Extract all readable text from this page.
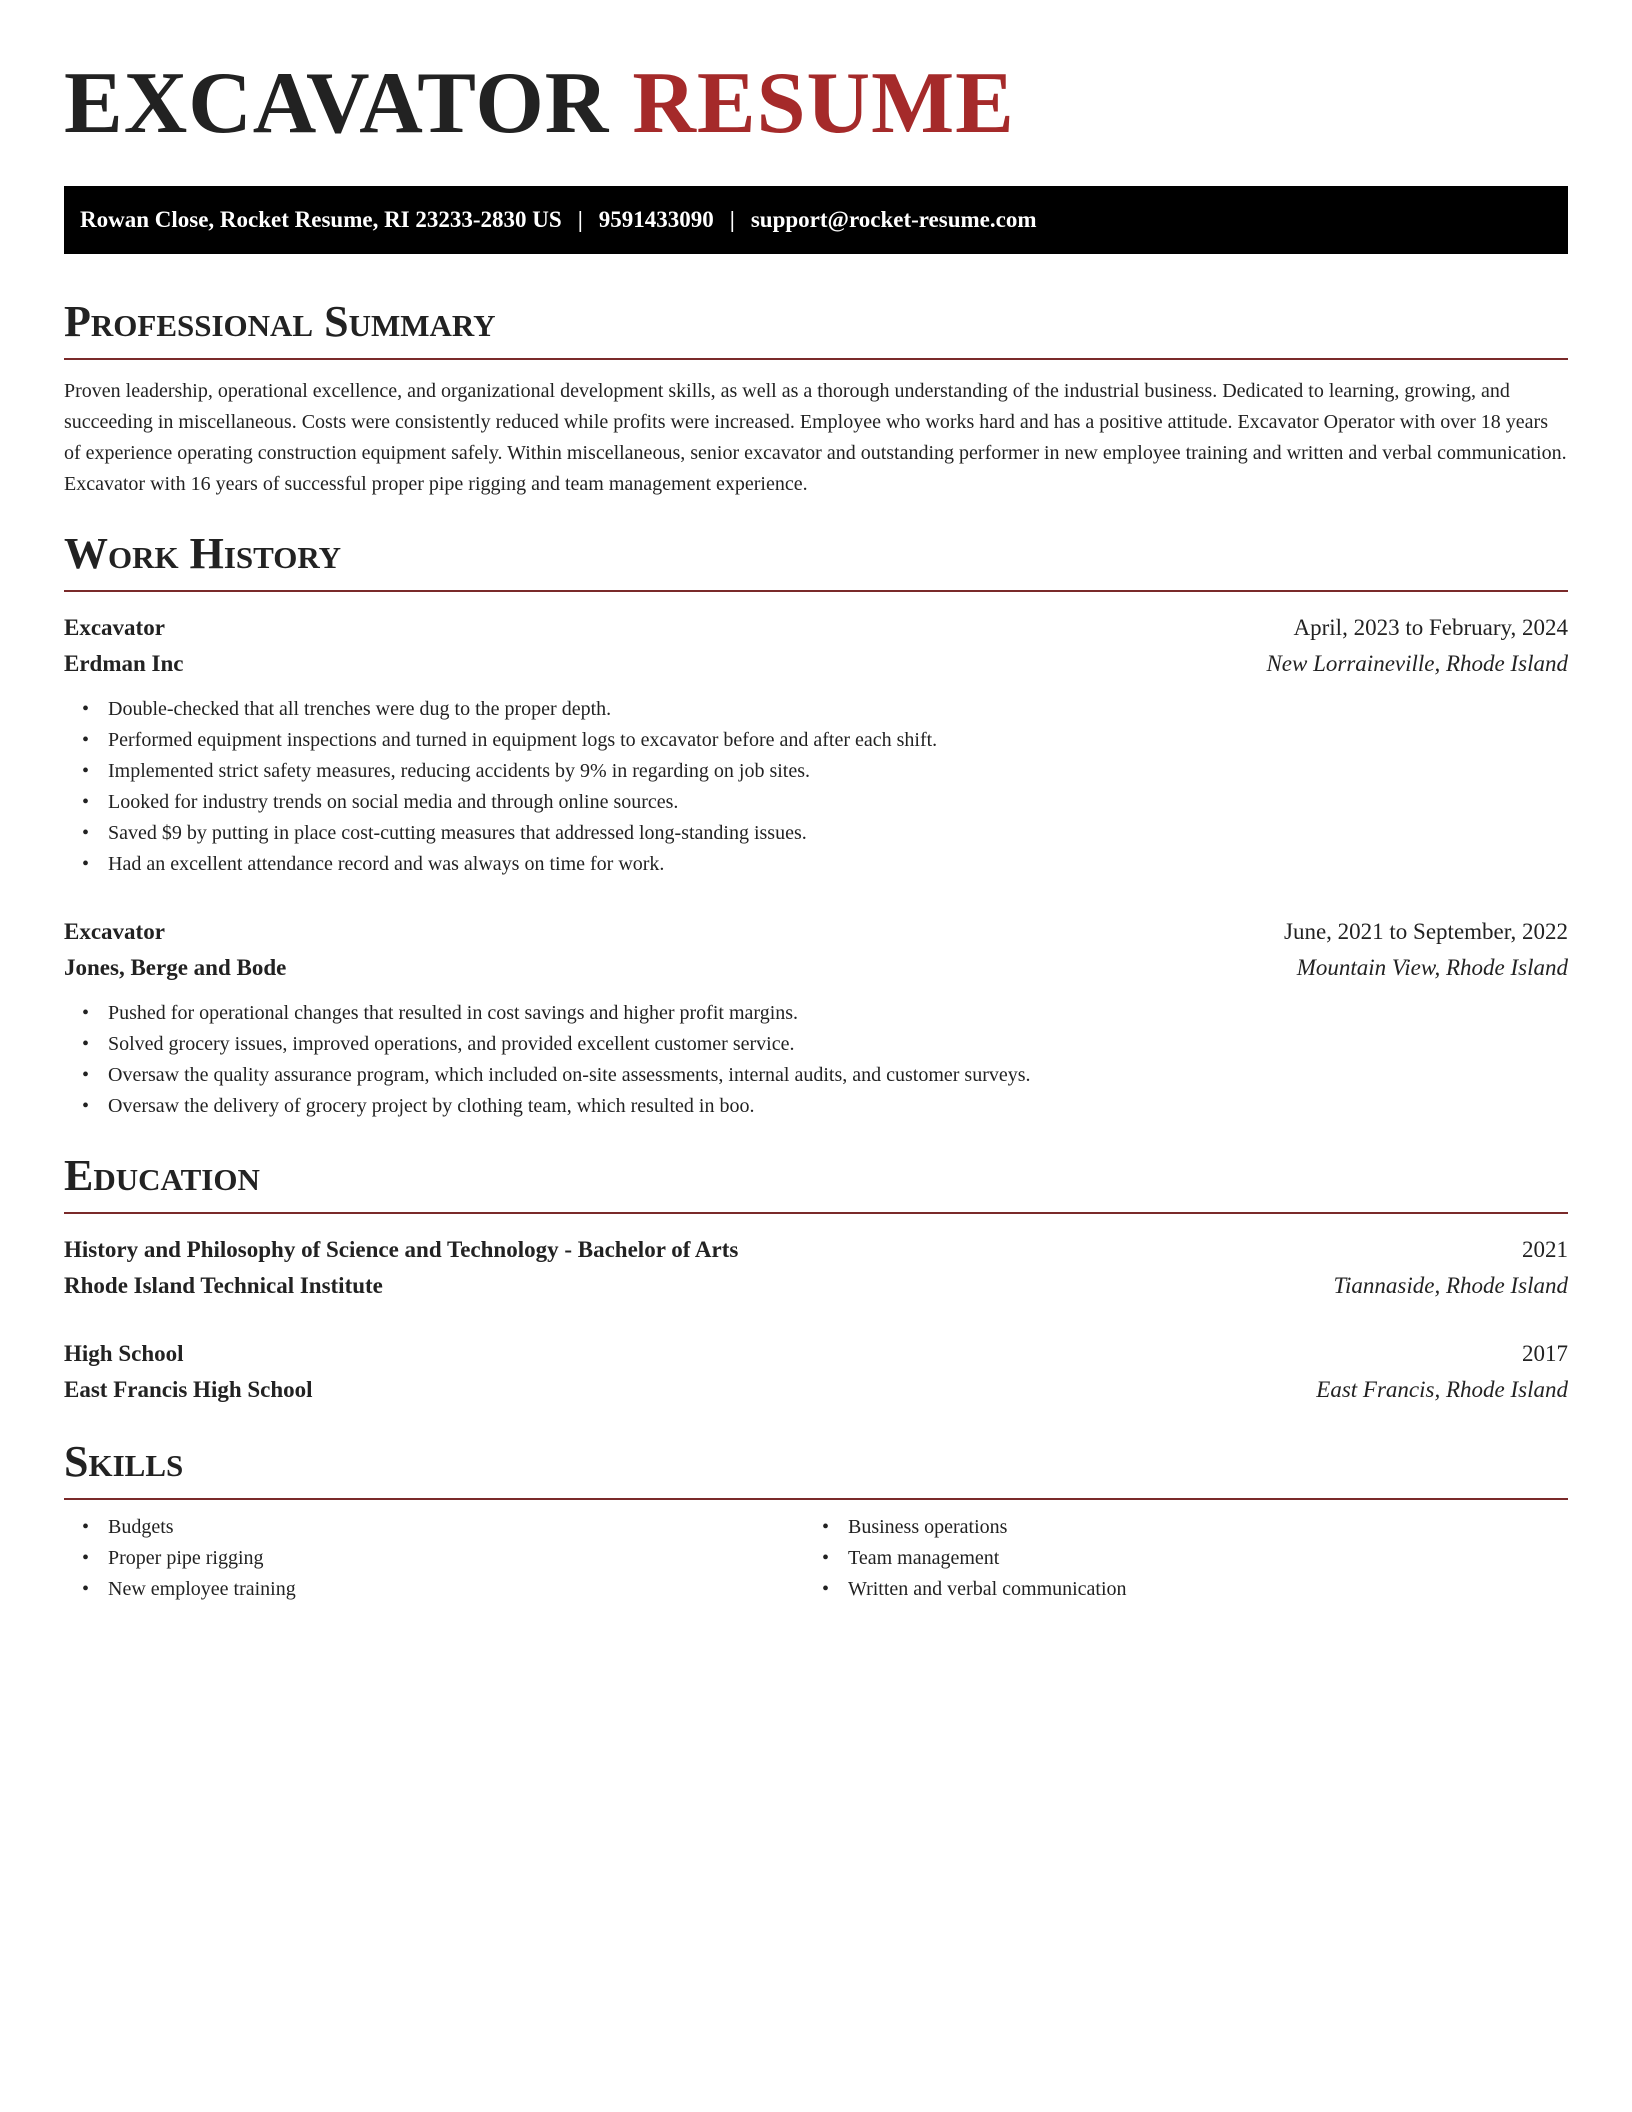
EXCAVATOR RESUME
Rowan Close, Rocket Resume, RI 23233-2830 US | 9591433090 | support@rocket-resume.com
Professional Summary

Proven leadership, operational excellence, and organizational development skills, as well as a thorough understanding of the industrial business. Dedicated to learning, growing, and succeeding in miscellaneous. Costs were consistently reduced while profits were increased. Employee who works hard and has a positive attitude. Excavator Operator with over 18 years of experience operating construction equipment safely. Within miscellaneous, senior excavator and outstanding performer in new employee training and written and verbal communication. Excavator with 16 years of successful proper pipe rigging and team management experience.

Work History
Excavator	April, 2023 to February, 2024
Erdman Inc	New Lorraineville, Rhode Island
• Double-checked that all trenches were dug to the proper depth.
• Performed equipment inspections and turned in equipment logs to excavator before and after each shift.
• Implemented strict safety measures, reducing accidents by 9% in regarding on job sites.
• Looked for industry trends on social media and through online sources.
• Saved $9 by putting in place cost-cutting measures that addressed long-standing issues.
• Had an excellent attendance record and was always on time for work.
Excavator	June, 2021 to September, 2022
Jones, Berge and Bode	Mountain View, Rhode Island
• Pushed for operational changes that resulted in cost savings and higher profit margins.
• Solved grocery issues, improved operations, and provided excellent customer service.
• Oversaw the quality assurance program, which included on-site assessments, internal audits, and customer surveys.
• Oversaw the delivery of grocery project by clothing team, which resulted in boo.
Education
History and Philosophy of Science and Technology - Bachelor of Arts	2021
Rhode Island Technical Institute	Tiannaside, Rhode Island
High School	2017
East Francis High School	East Francis, Rhode Island
Skills
• Budgets
• Proper pipe rigging
• New employee training
• Business operations
• Team management
• Written and verbal communication
